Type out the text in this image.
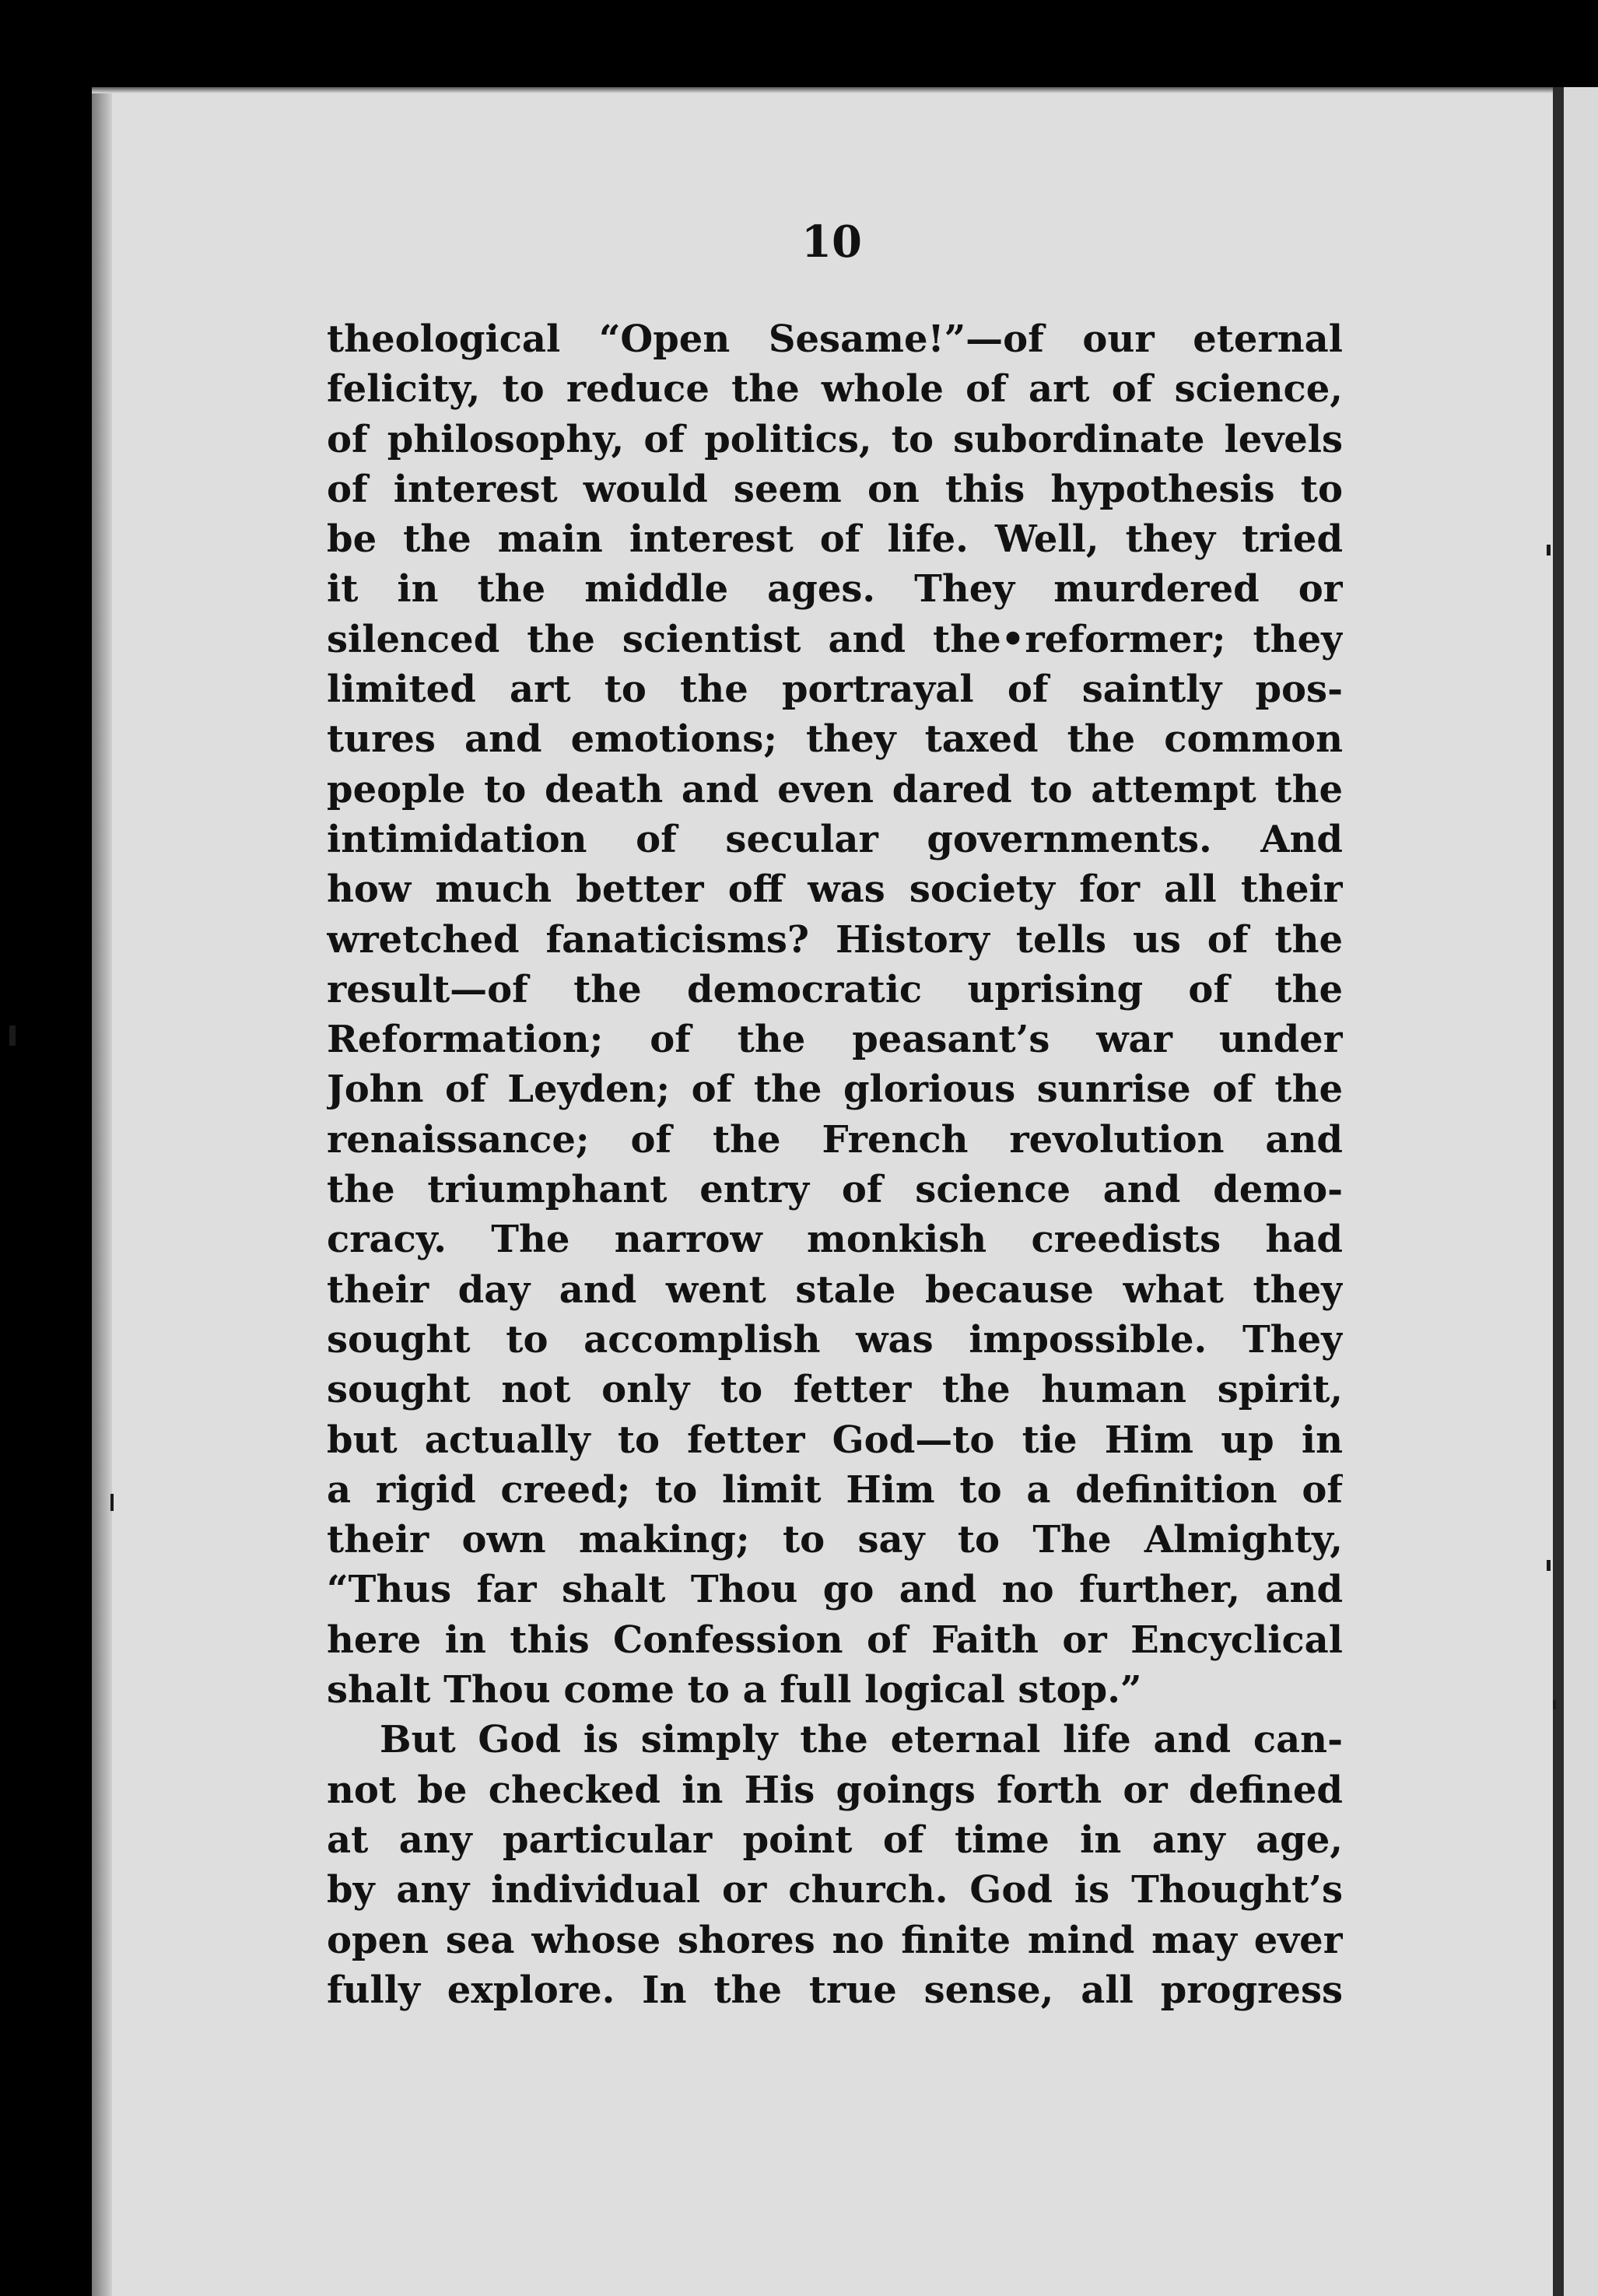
10
theological “Open Sesame!”—of our eternal
felicity, to reduce the whole of art of science,
of philosophy, of politics, to subordinate levels
of interest would seem on this hypothesis to
be the main interest of life. Well, they tried
it in the middle ages. They murdered or
silenced the scientist and the•reformer; they
limited art to the portrayal of saintly pos-
tures and emotions; they taxed the common
people to death and even dared to attempt the
intimidation of secular governments. And
how much better off was society for all their
wretched fanaticisms? History tells us of the
result—of the democratic uprising of the
Reformation; of the peasant’s war under
John of Leyden; of the glorious sunrise of the
renaissance; of the French revolution and
the triumphant entry of science and demo-
cracy. The narrow monkish creedists had
their day and went stale because what they
sought to accomplish was impossible. They
sought not only to fetter the human spirit,
but actually to fetter God—to tie Him up in
a rigid creed; to limit Him to a definition of
their own making; to say to The Almighty,
“Thus far shalt Thou go and no further, and
here in this Confession of Faith or Encyclical
shalt Thou come to a full logical stop.”
But God is simply the eternal life and can-
not be checked in His goings forth or defined
at any particular point of time in any age,
by any individual or church. God is Thought’s
open sea whose shores no finite mind may ever
fully explore. In the true sense, all progress
